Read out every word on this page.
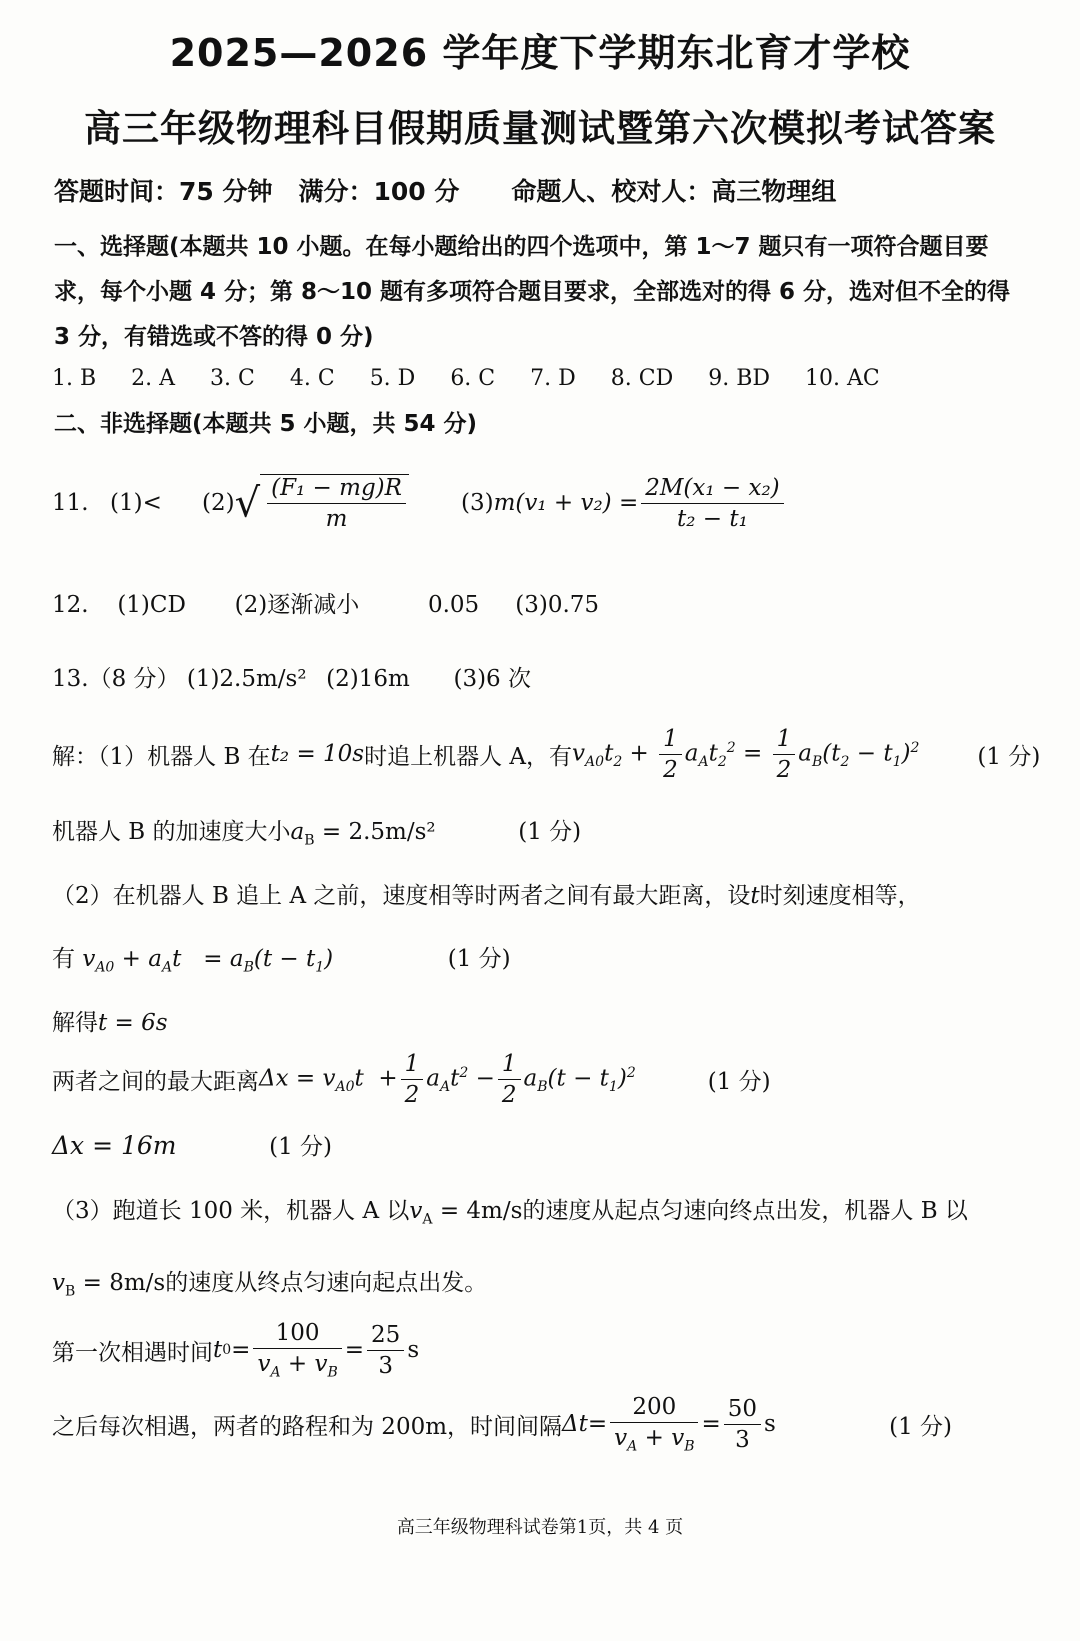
2025—2026 学年度下学期东北育才学校
高三年级物理科目假期质量测试暨第六次模拟考试答案
答题时间：75 分钟 满分：100 分 命题人、校对人：高三物理组
一、选择题(本题共 10 小题。在每小题给出的四个选项中，第 1～7 题只有一项符合题目要求，每个小题 4 分；第 8～10 题有多项符合题目要求，全部选对的得 6 分，选对但不全的得 3 分，有错选或不答的得 0 分)
1. B 2. A 3. C 4. C 5. D 6. C 7. D 8. CD 9. BD 10. AC
二、非选择题(本题共 5 小题，共 54 分)
11. (1)<	(2) √ $\frac{\text{(F₁ − mg)R}}{m} (3) m(v_1 + v_2) = \frac{\text{2M(x₁ − x₂)}}{\text{t₂ − t₁}}$
12. (1)CD (2)逐渐减小	0.05 (3)0.75
13.（8 分） (1)2.5m/s² (2)16m (3)6 次
解：（1）机器人 B 在 t₂ = 10s 时追上机器人 A，有 $v_{A0}t_2 + \frac{1}{2} a_At_2^2 = \frac{1}{2} a_B(t_2 - t_1)^2$	(1 分)
机器人 B 的加速度大小$a_B = 2.5m/s^2$	(1 分)
（2）在机器人 B 追上 A 之前，速度相等时两者之间有最大距离，设t时刻速度相等，
有 $v_{A0} + a_At = a_B(t - t_1)$	(1 分)
解得t = 6s
两者之间的最大距离 $\Delta x = v_{A0}t + \frac{1}{2} a_At^2 - \frac{1}{2} a_B(t - t_1)^2$	(1 分)
Δx = 16m	(1 分)
（3）跑道长 100 米，机器人 A 以$v_A = 4m/s$的速度从起点匀速向终点出发，机器人 B 以
$v_B = 8m/s$的速度从终点匀速向起点出发。
第一次相遇时间 t $0 = \frac{100}{v_A + v_B} = \frac{25}{3}$ s
之后每次相遇，两者的路程和为 200m，时间间隔 $\Delta t = \frac{200}{v_A + v_B} = \frac{50}{3}$ s	(1 分)
高三年级物理科试卷第1页，共 4 页
